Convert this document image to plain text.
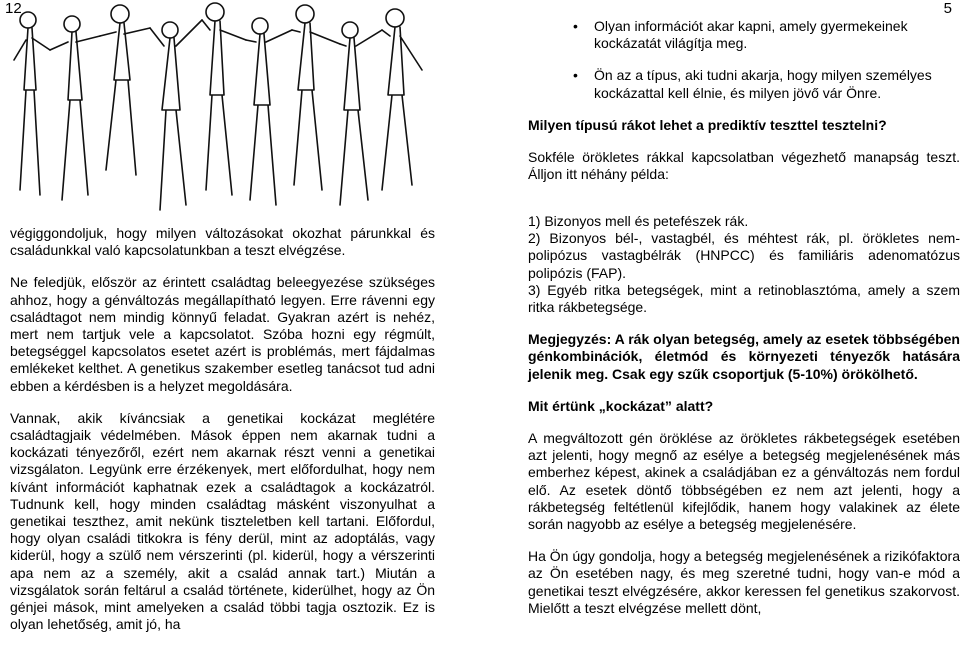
12	5

végiggondoljuk, hogy milyen változásokat okozhat párunkkal és családunkkal való kapcsolatunkban a teszt elvégzése.

Ne feledjük, először az érintett családtag beleegyezése szükséges ahhoz, hogy a génváltozás megállapítható legyen. Erre rávenni egy családtagot nem mindig könnyű feladat. Gyakran azért is nehéz, mert nem tartjuk vele a kapcsolatot. Szóba hozni egy régmúlt, betegséggel kapcsolatos esetet azért is problémás, mert fájdalmas emlékeket kelthet. A genetikus szakember esetleg tanácsot tud adni ebben a kérdésben is a helyzet megoldására.

Vannak, akik kíváncsiak a genetikai kockázat meglétére családtagjaik védelmében. Mások éppen nem akarnak tudni a kockázati tényezőről, ezért nem akarnak részt venni a genetikai vizsgálaton. Legyünk erre érzékenyek, mert előfordulhat, hogy nem kívánt információt kaphatnak ezek a családtagok a kockázatról. Tudnunk kell, hogy minden családtag másként viszonyulhat a genetikai teszthez, amit nekünk tiszteletben kell tartani. Előfordul, hogy olyan családi titkokra is fény derül, mint az adoptálás, vagy kiderül, hogy a szülő nem vérszerinti (pl. kiderül, hogy a vérszerinti apa nem az a személy, akit a család annak tart.) Miután a vizsgálatok során feltárul a család története, kiderülhet, hogy az Ön génjei mások, mint amelyeken a család többi tagja osztozik. Ez is olyan lehetőség, amit jó, ha

• Olyan információt akar kapni, amely gyermekeinek kockázatát világítja meg.
• Ön az a típus, aki tudni akarja, hogy milyen személyes kockázattal kell élnie, és milyen jövő vár Önre.

Milyen típusú rákot lehet a prediktív teszttel tesztelni?

Sokféle örökletes rákkal kapcsolatban végezhető manapság teszt. Álljon itt néhány példa:

1) Bizonyos mell és petefészek rák.

2) Bizonyos bél-, vastagbél, és méhtest rák, pl. örökletes nem-polipózus vastagbélrák (HNPCC) és familiáris adenomatózus polipózis (FAP).

3) Egyéb ritka betegségek, mint a retinoblasztóma, amely a szem ritka rákbetegsége.

Megjegyzés: A rák olyan betegség, amely az esetek többségében génkombinációk, életmód és környezeti tényezők hatására jelenik meg. Csak egy szűk csoportjuk (5-10%) örökölhető.

Mit értünk „kockázat” alatt?

A megváltozott gén öröklése az örökletes rákbetegségek esetében azt jelenti, hogy megnő az esélye a betegség megjelenésének más emberhez képest, akinek a családjában ez a génváltozás nem fordul elő. Az esetek döntő többségében ez nem azt jelenti, hogy a rákbetegség feltétlenül kifejlődik, hanem hogy valakinek az élete során nagyobb az esélye a betegség megjelenésére.

Ha Ön úgy gondolja, hogy a betegség megjelenésének a rizikófaktora az Ön esetében nagy, és meg szeretné tudni, hogy van-e mód a genetikai teszt elvégzésére, akkor keressen fel genetikus szakorvost. Mielőtt a teszt elvégzése mellett dönt,
